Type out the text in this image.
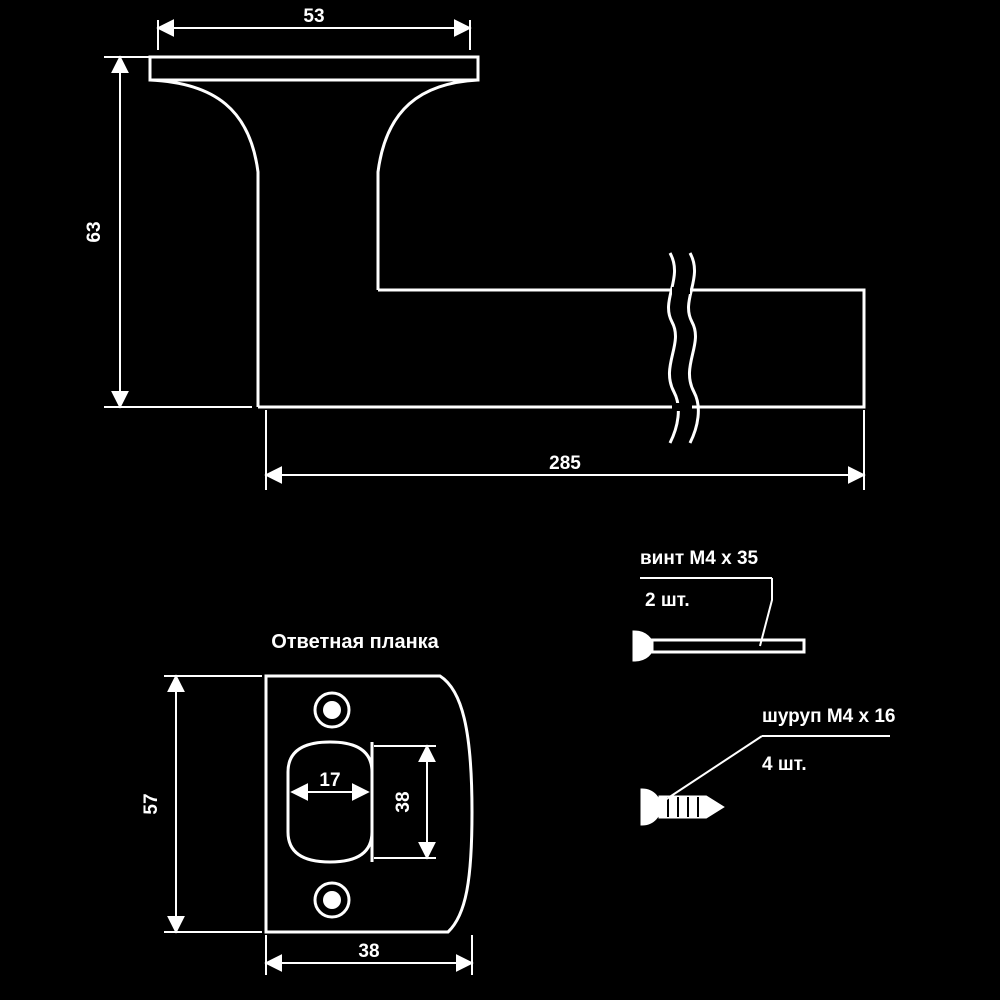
53
63
285
Ответная планка
17
38
57
38
винт М4 х 35
2 шт.
шуруп М4 х 16
4 шт.
